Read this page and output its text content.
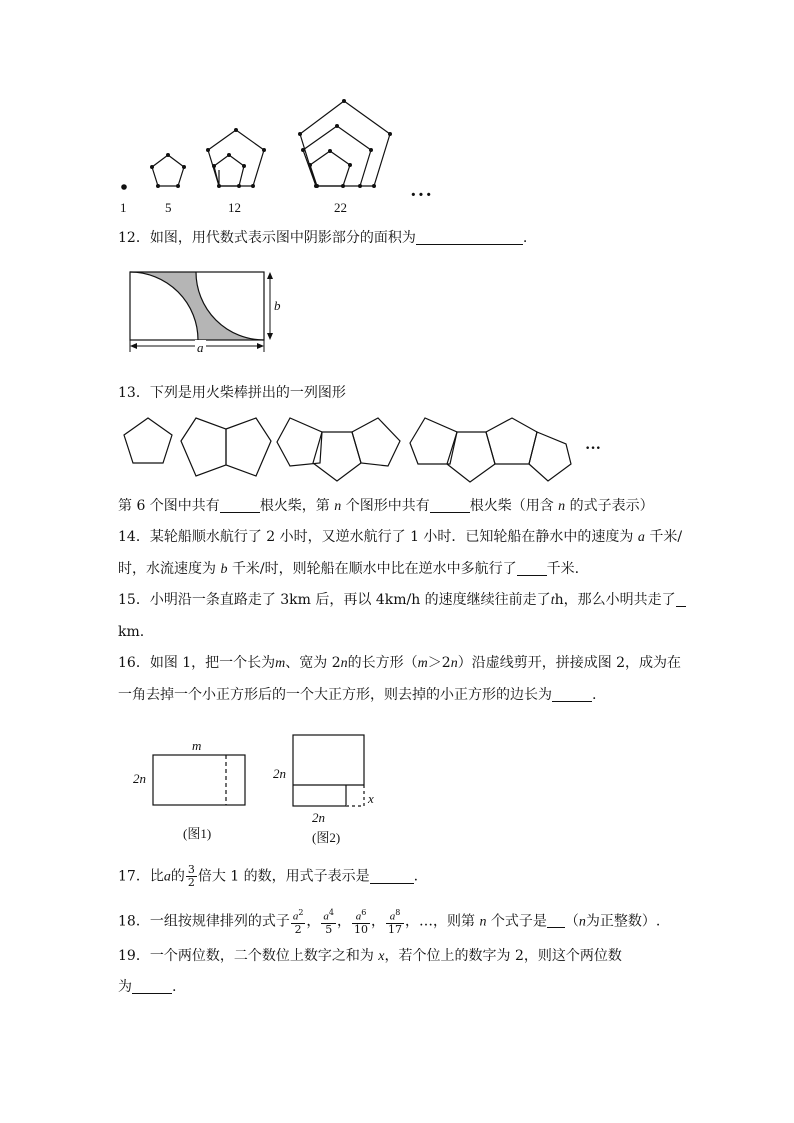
1	5	12	22
···
12．如图，用代数式表示图中阴影部分的面积为	.
b
a
13．下列是用火柴棒拼出的一列图形
···
第 6 个图中共有	根火柴，第 n 个图形中共有	根火柴（用含 n 的式子表示）
14．某轮船顺水航行了 2 小时，又逆水航行了 1 小时．已知轮船在静水中的速度为 a 千米/
时，水流速度为 b 千米/时，则轮船在顺水中比在逆水中多航行了 千米.
15．小明沿一条直路走了 3km 后，再以 4km/h 的速度继续往前走了th，那么小明共走了
km.
16．如图 1，把一个长为m、宽为 2n的长方形（m＞2n）沿虚线剪开，拼接成图 2，成为在
一角去掉一个小正方形后的一个大正方形，则去掉的小正方形的边长为	.
m
2n
(图1)
2n
x
2n
(图2)
17．比a的 $\frac{3}{2}$ 倍大 1 的数，用式子表示是	.
18．一组按规律排列的式子 $\frac{a^2}{2}$ ， $\frac{a^4}{5}$ ， $\frac{a^6}{10}$ ， $\frac{a^8}{17}$ ，…，则第 n 个式子是 （n为正整数）.
19．一个两位数，二个数位上数字之和为 x，若个位上的数字为 2，则这个两位数
为	.
